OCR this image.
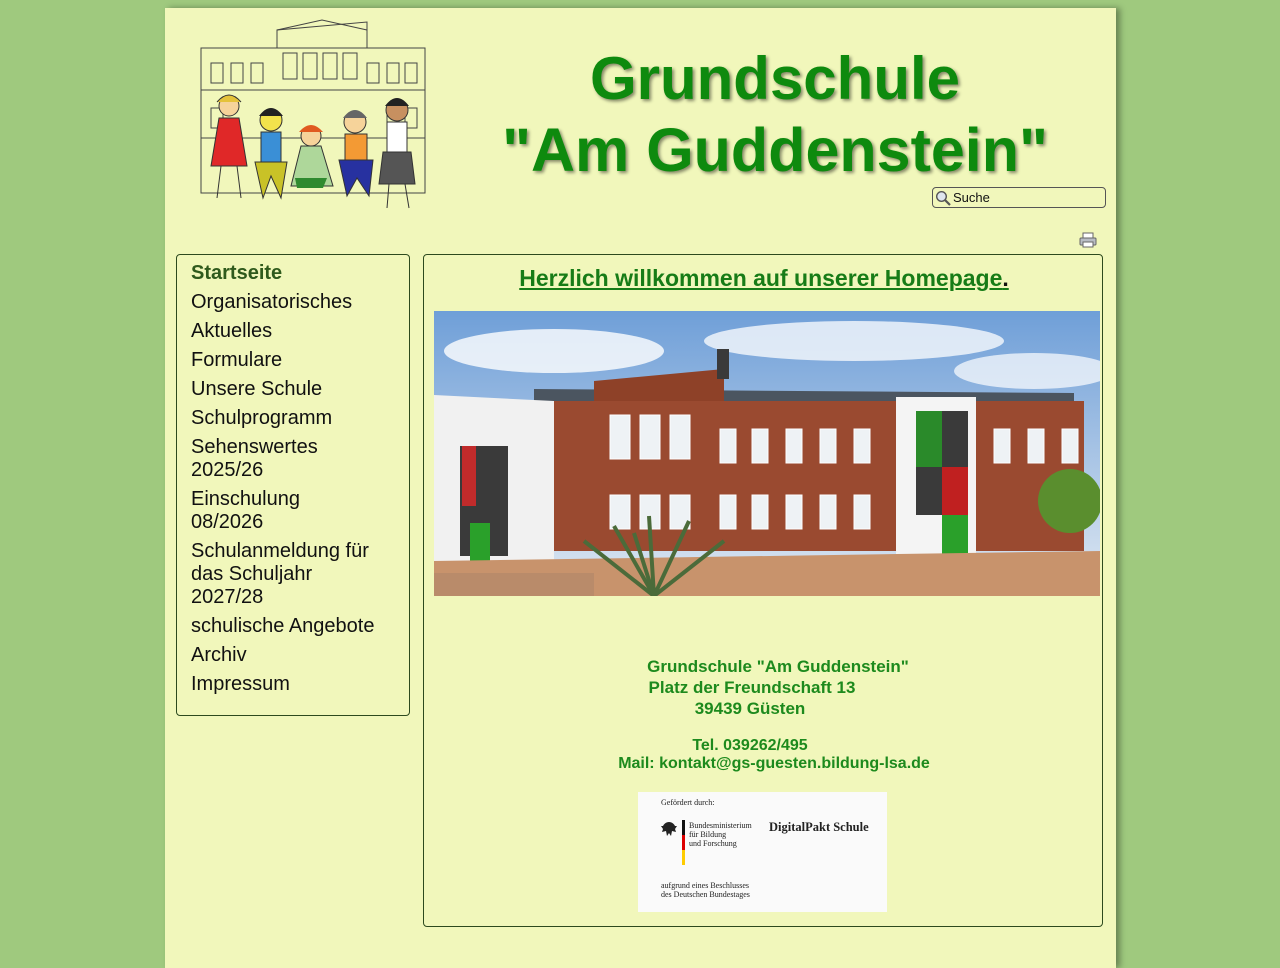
Grundschule
"Am Guddenstein"
Suche
Startseite
Organisatorisches
Aktuelles
Formulare
Unsere Schule
Schulprogramm
Sehenswertes 2025/26
Einschulung 08/2026
Schulanmeldung für das Schuljahr 2027/28
schulische Angebote
Archiv
Impressum
Herzlich willkommen auf unserer Homepage.
Grundschule "Am Guddenstein"
Platz der Freundschaft 13
39439 Güsten
Tel. 039262/495
Mail: kontakt@gs-guesten.bildung-lsa.de
Gefördert durch:
Bundesministerium
für Bildung
und Forschung
DigitalPakt Schule
aufgrund eines Beschlusses
des Deutschen Bundestages
